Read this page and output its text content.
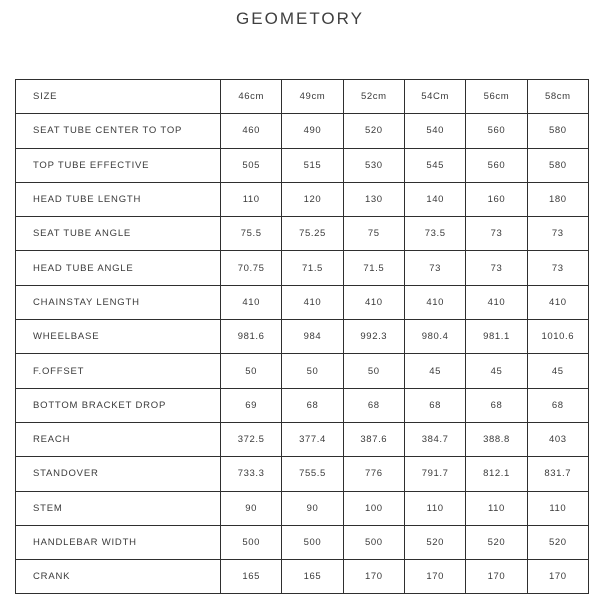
GEOMETORY
SIZE	46cm	49cm	52cm	54Cm	56cm	58cm
SEAT TUBE CENTER TO TOP	460	490	520	540	560	580
TOP TUBE EFFECTIVE	505	515	530	545	560	580
HEAD TUBE LENGTH	110	120	130	140	160	180
SEAT TUBE ANGLE	75.5	75.25	75	73.5	73	73
HEAD TUBE ANGLE	70.75	71.5	71.5	73	73	73
CHAINSTAY LENGTH	410	410	410	410	410	410
WHEELBASE	981.6	984	992.3	980.4	981.1	1010.6
F.OFFSET	50	50	50	45	45	45
BOTTOM BRACKET DROP	69	68	68	68	68	68
REACH	372.5	377.4	387.6	384.7	388.8	403
STANDOVER	733.3	755.5	776	791.7	812.1	831.7
STEM	90	90	100	110	110	110
HANDLEBAR WIDTH	500	500	500	520	520	520
CRANK	165	165	170	170	170	170
